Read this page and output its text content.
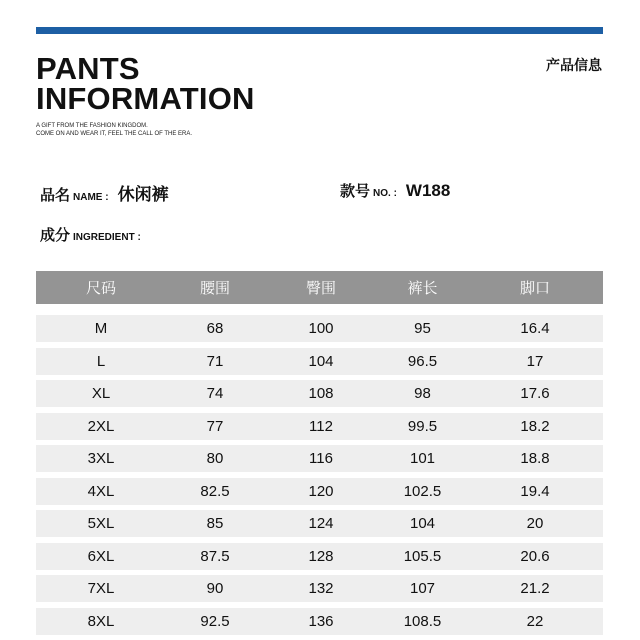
PANTS
INFORMATION
A GIFT FROM THE FASHION KINGDOM.
COME ON AND WEAR IT, FEEL THE CALL OF THE ERA.
产品信息
品名 NAME : 休闲裤	款号 NO. : W188
成分 INGREDIENT :
尺码	腰围	臀围	裤长	脚口
M	68	100	95	16.4
L	71	104	96.5	17
XL	74	108	98	17.6
2XL	77	112	99.5	18.2
3XL	80	116	101	18.8
4XL	82.5	120	102.5	19.4
5XL	85	124	104	20
6XL	87.5	128	105.5	20.6
7XL	90	132	107	21.2
8XL	92.5	136	108.5	22
